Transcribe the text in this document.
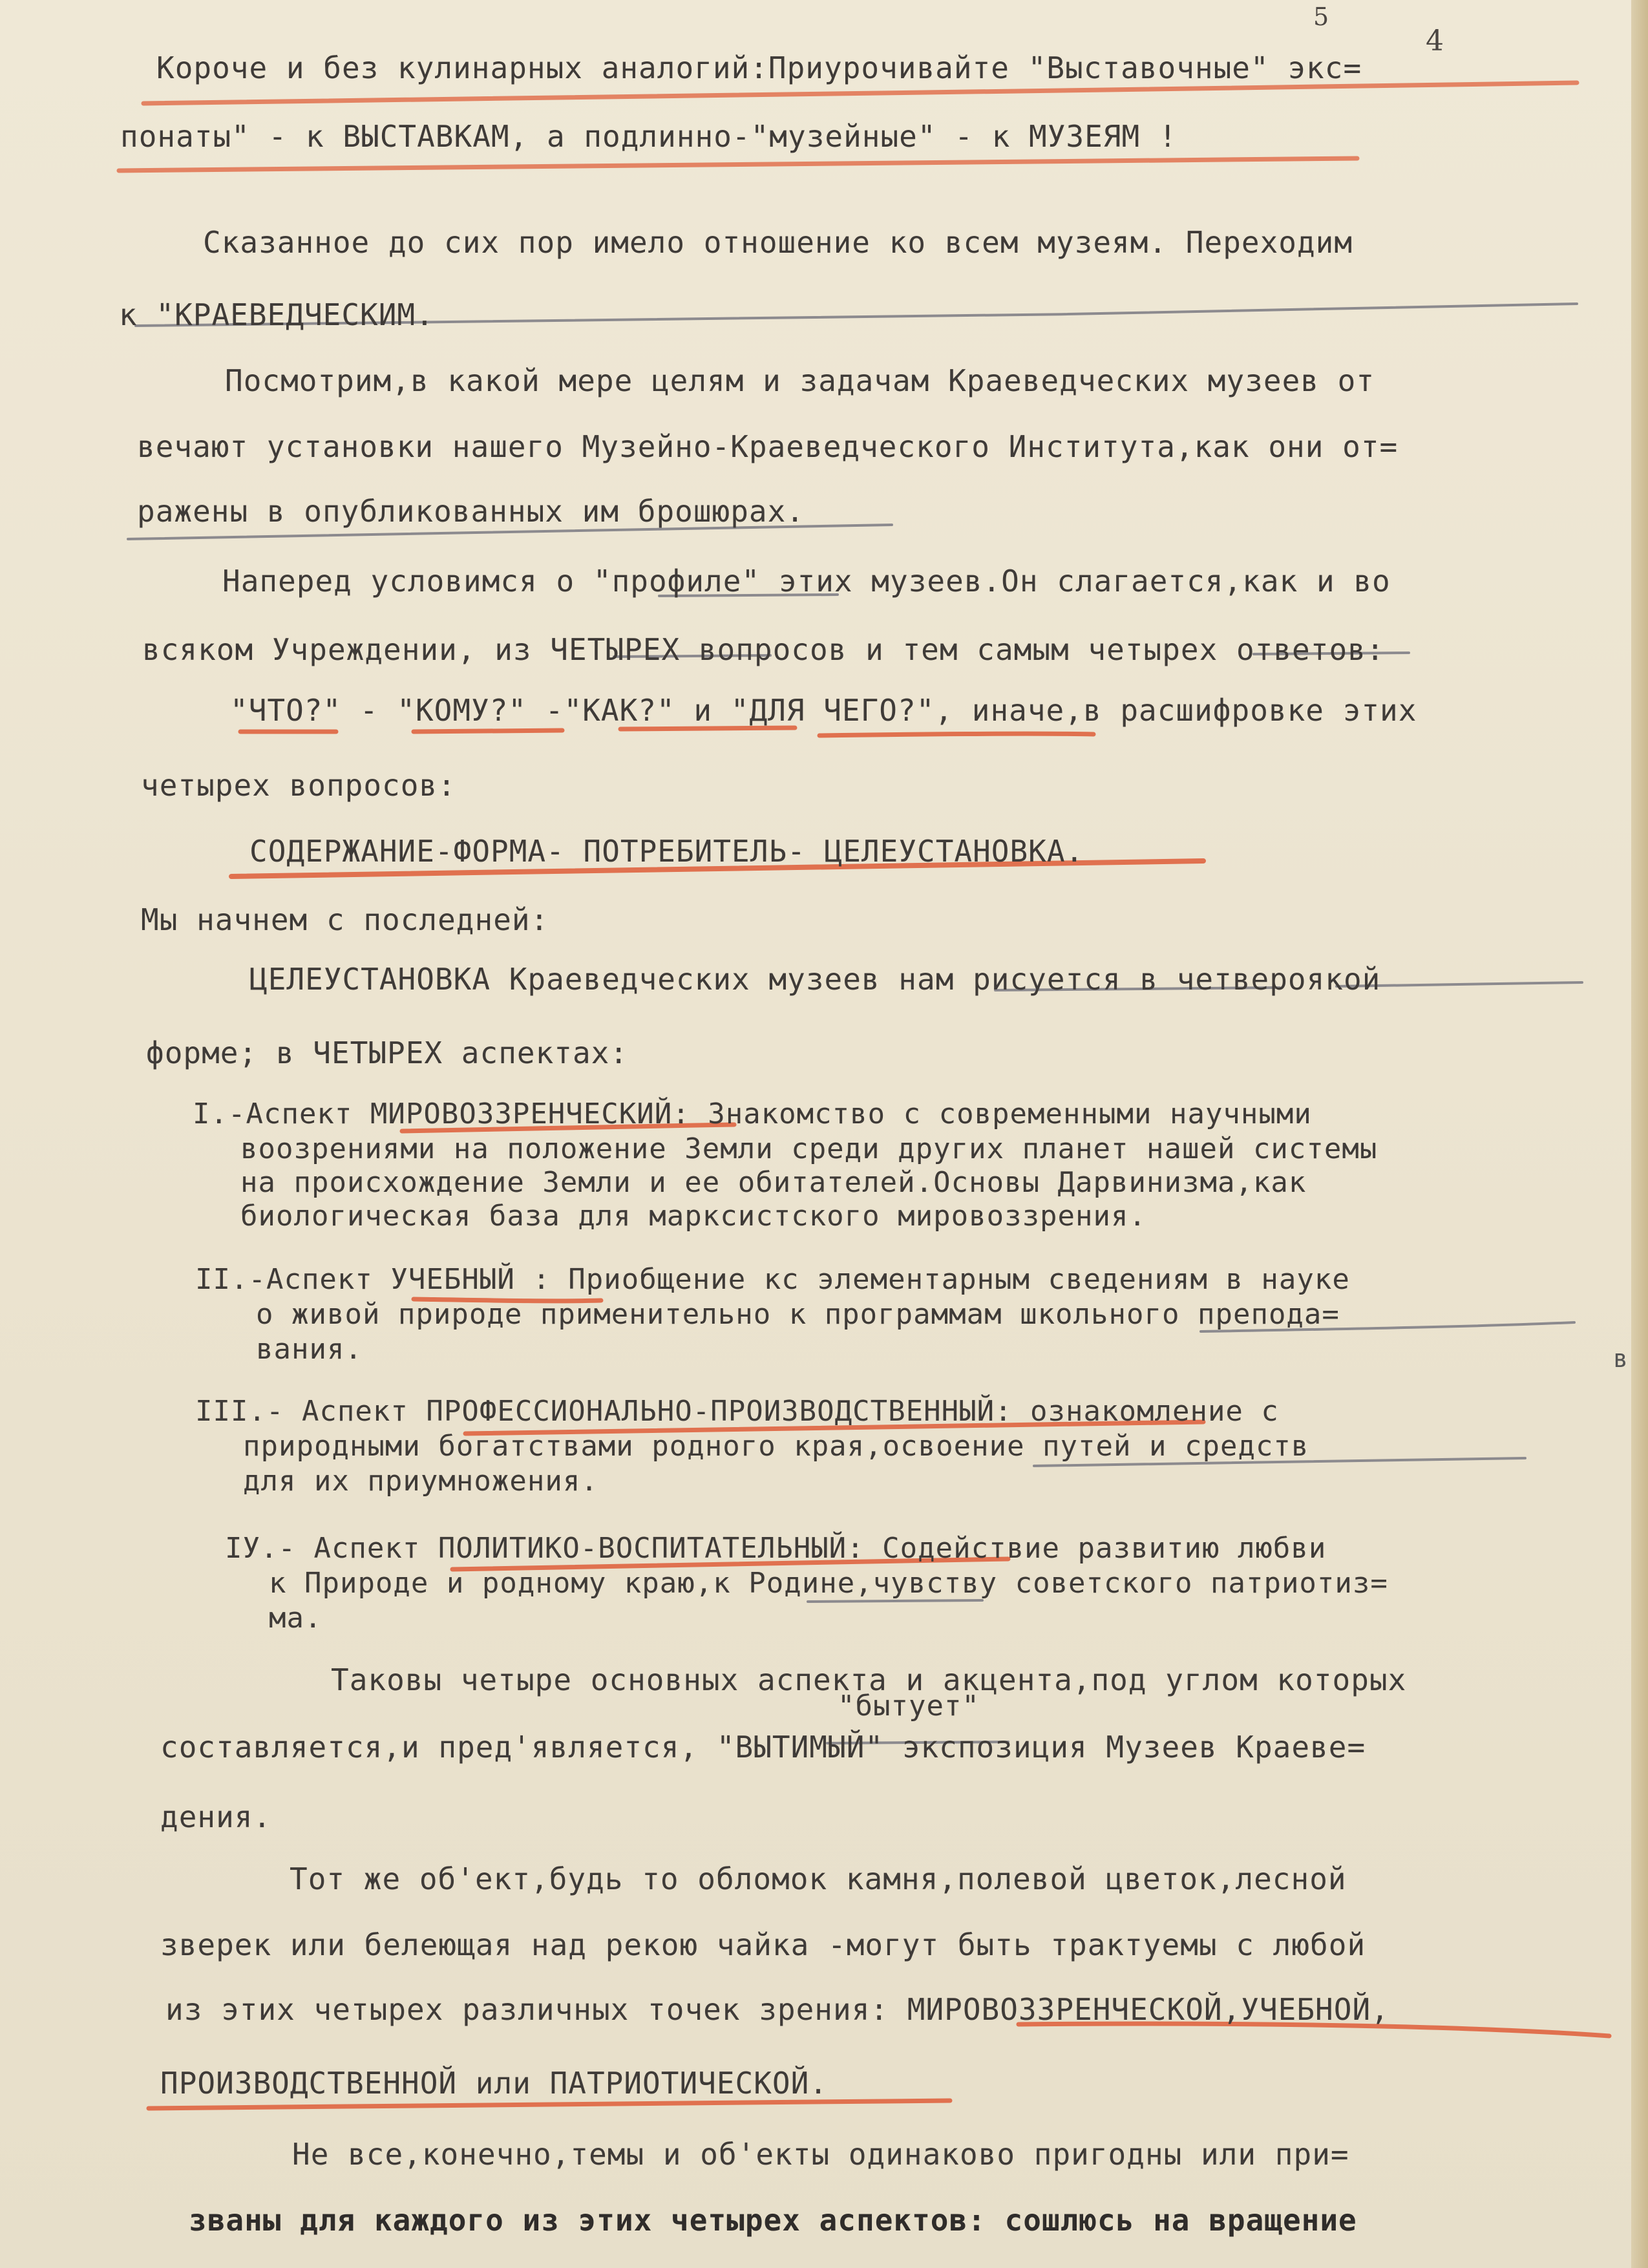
5
4
в
Короче и без кулинарных аналогий:Приурочивайте "Выставочные" экс=
понаты" - к ВЫСТАВКАМ, а подлинно-"музейные" - к МУЗЕЯМ !
Сказанное до сих пор имело отношение ко всем музеям. Переходим
к "КРАЕВЕДЧЕСКИМ.
Посмотрим,в какой мере целям и задачам Краеведческих музеев от
вечают установки нашего Музейно-Краеведческого Института,как они от=
ражены в опубликованных им брошюрах.
Наперед условимся о "профиле" этих музеев.Он слагается,как и во
всяком Учреждении, из ЧЕТЫРЕХ вопросов и тем самым четырех ответов:
"ЧТО?" - "КОМУ?" -"КАК?" и "ДЛЯ ЧЕГО?", иначе,в расшифровке этих
четырех вопросов:
СОДЕРЖАНИЕ-ФОРМА- ПОТРЕБИТЕЛЬ- ЦЕЛЕУСТАНОВКА.
Мы начнем с последней:
ЦЕЛЕУСТАНОВКА Краеведческих музеев нам рисуется в четвероякой
форме; в ЧЕТЫРЕХ аспектах:
I.-Аспект МИРОВОЗЗРЕНЧЕСКИЙ: Знакомство с современными научными
воозрениями на положение Земли среди других планет нашей системы
на происхождение Земли и ее обитателей.Основы Дарвинизма,как
биологическая база для марксистского мировоззрения.
II.-Аспект УЧЕБНЫЙ : Приобщение кс элементарным сведениям в науке
о живой природе применительно к программам школьного препода=
вания.
III.- Аспект ПРОФЕССИОНАЛЬНО-ПРОИЗВОДСТВЕННЫЙ: ознакомление с
природными богатствами родного края,освоение путей и средств
для их приумножения.
IУ.- Аспект ПОЛИТИКО-ВОСПИТАТЕЛЬНЫЙ: Содействие развитию любви
к Природе и родному краю,к Родине,чувству советского патриотиз=
ма.
Таковы четыре основных аспекта и акцента,под углом которых
"бытует"
составляется,и пред'является, "ВЫТИМЫЙ" экспозиция Музеев Краеве=
дения.
Тот же об'ект,будь то обломок камня,полевой цветок,лесной
зверек или белеющая над рекою чайка -могут быть трактуемы с любой
из этих четырех различных точек зрения: МИРОВОЗЗРЕНЧЕСКОЙ,УЧЕБНОЙ,
ПРОИЗВОДСТВЕННОЙ или ПАТРИОТИЧЕСКОЙ.
Не все,конечно,темы и об'екты одинаково пригодны или при=
званы для каждого из этих четырех аспектов: сошлюсь на вращение
